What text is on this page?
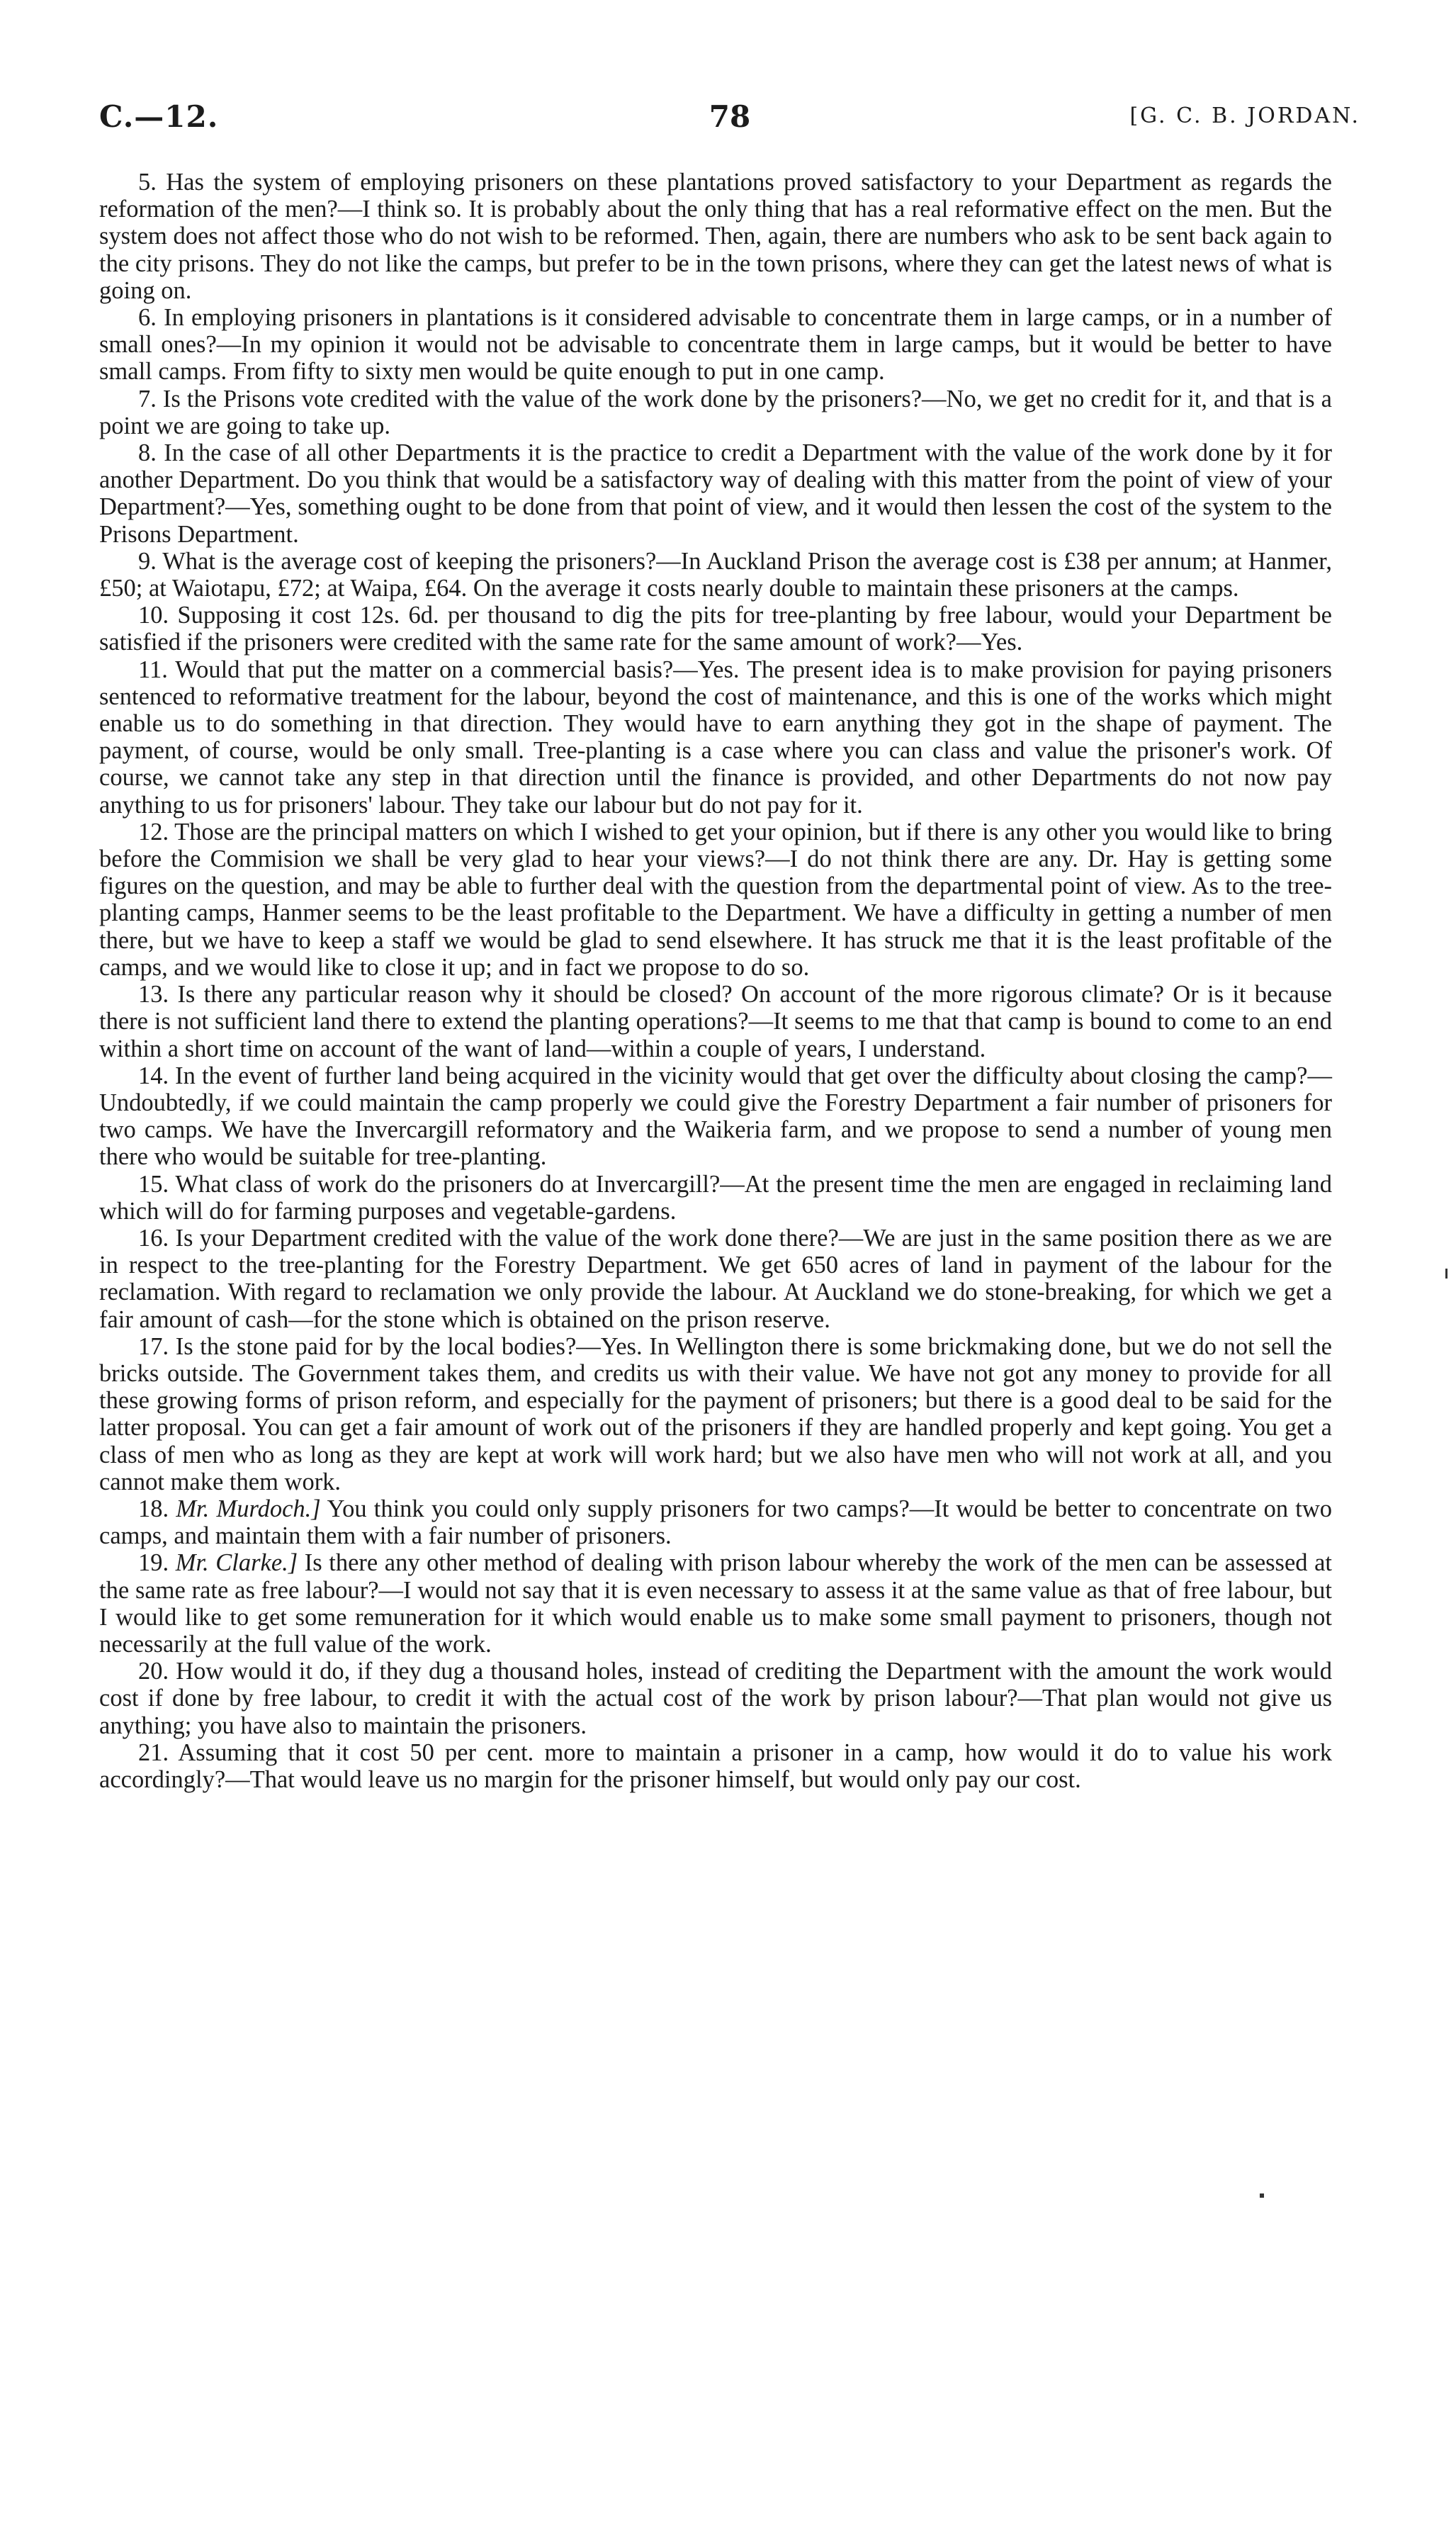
C.—12.	78	[G. C. B. JORDAN.

5. Has the system of employing prisoners on these plantations proved satisfactory to your Department as regards the reformation of the men?—I think so. It is probably about the only thing that has a real reformative effect on the men. But the system does not affect those who do not wish to be reformed. Then, again, there are numbers who ask to be sent back again to the city prisons. They do not like the camps, but prefer to be in the town prisons, where they can get the latest news of what is going on.

6. In employing prisoners in plantations is it considered advisable to concentrate them in large camps, or in a number of small ones?—In my opinion it would not be advisable to concentrate them in large camps, but it would be better to have small camps. From fifty to sixty men would be quite enough to put in one camp.

7. Is the Prisons vote credited with the value of the work done by the prisoners?—No, we get no credit for it, and that is a point we are going to take up.

8. In the case of all other Departments it is the practice to credit a Department with the value of the work done by it for another Department. Do you think that would be a satisfactory way of dealing with this matter from the point of view of your Department?—Yes, something ought to be done from that point of view, and it would then lessen the cost of the system to the Prisons Department.

9. What is the average cost of keeping the prisoners?—In Auckland Prison the average cost is £38 per annum; at Hanmer, £50; at Waiotapu, £72; at Waipa, £64. On the average it costs nearly double to maintain these prisoners at the camps.

10. Supposing it cost 12s. 6d. per thousand to dig the pits for tree-planting by free labour, would your Department be satisfied if the prisoners were credited with the same rate for the same amount of work?—Yes.

11. Would that put the matter on a commercial basis?—Yes. The present idea is to make provision for paying prisoners sentenced to reformative treatment for the labour, beyond the cost of maintenance, and this is one of the works which might enable us to do something in that direction. They would have to earn anything they got in the shape of payment. The payment, of course, would be only small. Tree-planting is a case where you can class and value the prisoner's work. Of course, we cannot take any step in that direction until the finance is provided, and other Departments do not now pay anything to us for prisoners' labour. They take our labour but do not pay for it.

12. Those are the principal matters on which I wished to get your opinion, but if there is any other you would like to bring before the Commision we shall be very glad to hear your views?—I do not think there are any. Dr. Hay is getting some figures on the question, and may be able to further deal with the question from the departmental point of view. As to the tree-planting camps, Hanmer seems to be the least profitable to the Department. We have a difficulty in getting a number of men there, but we have to keep a staff we would be glad to send elsewhere. It has struck me that it is the least profitable of the camps, and we would like to close it up; and in fact we propose to do so.

13. Is there any particular reason why it should be closed? On account of the more rigorous climate? Or is it because there is not sufficient land there to extend the planting operations?—It seems to me that that camp is bound to come to an end within a short time on account of the want of land—within a couple of years, I understand.

14. In the event of further land being acquired in the vicinity would that get over the difficulty about closing the camp?—Undoubtedly, if we could maintain the camp properly we could give the Forestry Department a fair number of prisoners for two camps. We have the Invercargill reformatory and the Waikeria farm, and we propose to send a number of young men there who would be suitable for tree-planting.

15. What class of work do the prisoners do at Invercargill?—At the present time the men are engaged in reclaiming land which will do for farming purposes and vegetable-gardens.

16. Is your Department credited with the value of the work done there?—We are just in the same position there as we are in respect to the tree-planting for the Forestry Department. We get 650 acres of land in payment of the labour for the reclamation. With regard to reclamation we only provide the labour. At Auckland we do stone-breaking, for which we get a fair amount of cash—for the stone which is obtained on the prison reserve.

17. Is the stone paid for by the local bodies?—Yes. In Wellington there is some brickmaking done, but we do not sell the bricks outside. The Government takes them, and credits us with their value. We have not got any money to provide for all these growing forms of prison reform, and especially for the payment of prisoners; but there is a good deal to be said for the latter proposal. You can get a fair amount of work out of the prisoners if they are handled properly and kept going. You get a class of men who as long as they are kept at work will work hard; but we also have men who will not work at all, and you cannot make them work.

18. Mr. Murdoch.] You think you could only supply prisoners for two camps?—It would be better to concentrate on two camps, and maintain them with a fair number of prisoners.

19. Mr. Clarke.] Is there any other method of dealing with prison labour whereby the work of the men can be assessed at the same rate as free labour?—I would not say that it is even necessary to assess it at the same value as that of free labour, but I would like to get some remuneration for it which would enable us to make some small payment to prisoners, though not necessarily at the full value of the work.

20. How would it do, if they dug a thousand holes, instead of crediting the Department with the amount the work would cost if done by free labour, to credit it with the actual cost of the work by prison labour?—That plan would not give us anything; you have also to maintain the prisoners.

21. Assuming that it cost 50 per cent. more to maintain a prisoner in a camp, how would it do to value his work accordingly?—That would leave us no margin for the prisoner himself, but would only pay our cost.
